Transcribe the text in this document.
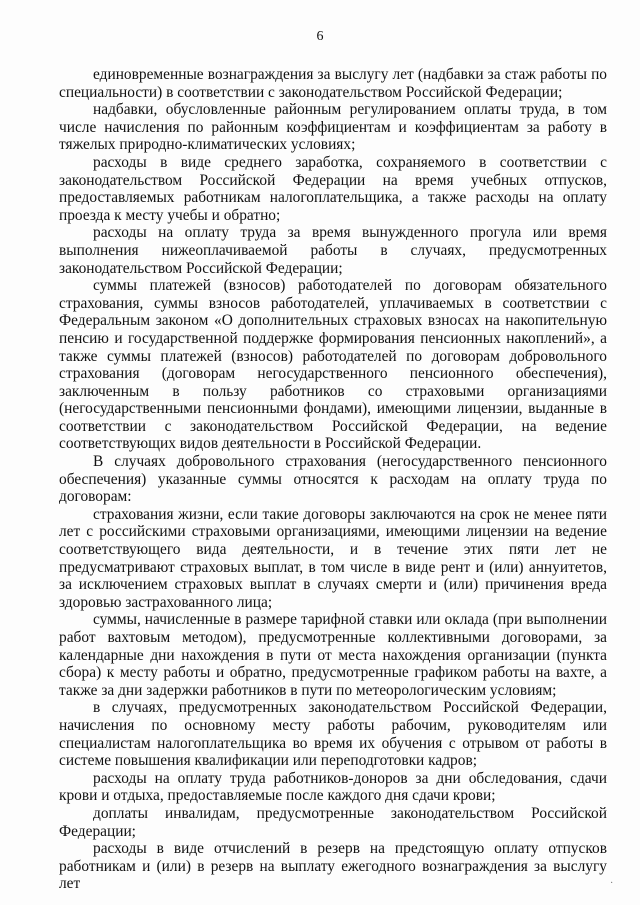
6

единовременные вознаграждения за выслугу лет (надбавки за стаж работы по специальности) в соответствии с законодательством Российской Федерации;

надбавки, обусловленные районным регулированием оплаты труда, в том числе начисления по районным коэффициентам и коэффициентам за работу в тяжелых природно-климатических условиях;

расходы в виде среднего заработка, сохраняемого в соответствии с законодательством Российской Федерации на время учебных отпусков, предоставляемых работникам налогоплательщика, а также расходы на оплату проезда к месту учебы и обратно;

расходы на оплату труда за время вынужденного прогула или время выполнения нижеоплачиваемой работы в случаях, предусмотренных законодательством Российской Федерации;

суммы платежей (взносов) работодателей по договорам обязательного страхования, суммы взносов работодателей, уплачиваемых в соответствии с Федеральным законом «О дополнительных страховых взносах на накопительную пенсию и государственной поддержке формирования пенсионных накоплений», а также суммы платежей (взносов) работодателей по договорам добровольного страхования (договорам негосударственного пенсионного обеспечения), заключенным в пользу работников со страховыми организациями (негосударственными пенсионными фондами), имеющими лицензии, выданные в соответствии с законодательством Российской Федерации, на ведение соответствующих видов деятельности в Российской Федерации.

В случаях добровольного страхования (негосударственного пенсионного обеспечения) указанные суммы относятся к расходам на оплату труда по договорам:

страхования жизни, если такие договоры заключаются на срок не менее пяти лет с российскими страховыми организациями, имеющими лицензии на ведение соответствующего вида деятельности, и в течение этих пяти лет не предусматривают страховых выплат, в том числе в виде рент и (или) аннуитетов, за исключением страховых выплат в случаях смерти и (или) причинения вреда здоровью застрахованного лица;

суммы, начисленные в размере тарифной ставки или оклада (при выполнении работ вахтовым методом), предусмотренные коллективными договорами, за календарные дни нахождения в пути от места нахождения организации (пункта сбора) к месту работы и обратно, предусмотренные графиком работы на вахте, а также за дни задержки работников в пути по метеорологическим условиям;

в случаях, предусмотренных законодательством Российской Федерации, начисления по основному месту работы рабочим, руководителям или специалистам налогоплательщика во время их обучения с отрывом от работы в системе повышения квалификации или переподготовки кадров;

расходы на оплату труда работников-доноров за дни обследования, сдачи крови и отдыха, предоставляемые после каждого дня сдачи крови;

доплаты инвалидам, предусмотренные законодательством Российской Федерации;

расходы в виде отчислений в резерв на предстоящую оплату отпусков работникам и (или) в резерв на выплату ежегодного вознаграждения за выслугу лет	·
